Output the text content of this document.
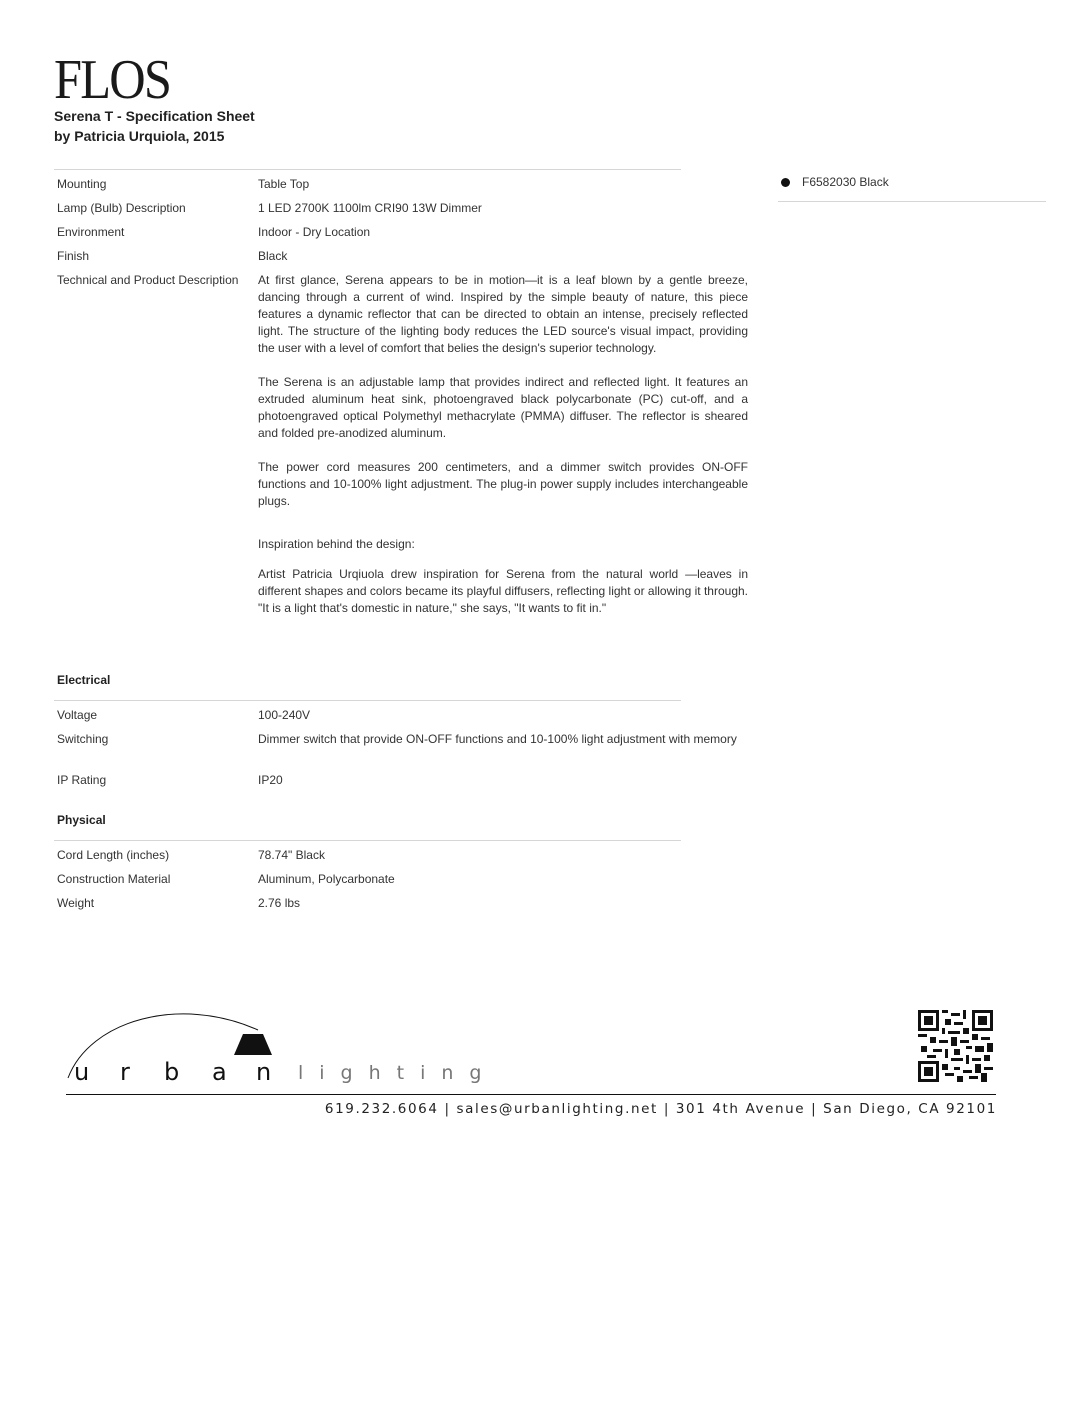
FLOS
Serena T - Specification Sheet
by Patricia Urquiola, 2015
Mounting	Table Top
Lamp (Bulb) Description	1 LED 2700K 1100lm CRI90 13W Dimmer
Environment	Indoor - Dry Location
Finish	Black
Technical and Product Description	At first glance, Serena appears to be in motion—it is a leaf blown by a gentle breeze, dancing through a current of wind. Inspired by the simple beauty of nature, this piece features a dynamic reflector that can be directed to obtain an intense, precisely reflected light. The structure of the lighting body reduces the LED source's visual impact, providing the user with a level of comfort that belies the design's superior technology.

The Serena is an adjustable lamp that provides indirect and reflected light. It features an extruded aluminum heat sink, photoengraved black polycarbonate (PC) cut-off, and a photoengraved optical Polymethyl methacrylate (PMMA) diffuser. The reflector is sheared and folded pre-anodized aluminum.

The power cord measures 200 centimeters, and a dimmer switch provides ON-OFF functions and 10-100% light adjustment. The plug-in power supply includes interchangeable plugs.

Inspiration behind the design:

Artist Patricia Urqiuola drew inspiration for Serena from the natural world —leaves in different shapes and colors became its playful diffusers, reflecting light or allowing it through. "It is a light that's domestic in nature," she says, "It wants to fit in."

Electrical
Voltage	100-240V
Switching	Dimmer switch that provide ON-OFF functions and 10-100% light adjustment with memory
IP Rating	IP20
Physical
Cord Length (inches)	78.74" Black
Construction Material	Aluminum, Polycarbonate
Weight	2.76 lbs
F6582030 Black
u r b a n lighting
619.232.6064 | sales@urbanlighting.net | 301 4th Avenue | San Diego, CA 92101
